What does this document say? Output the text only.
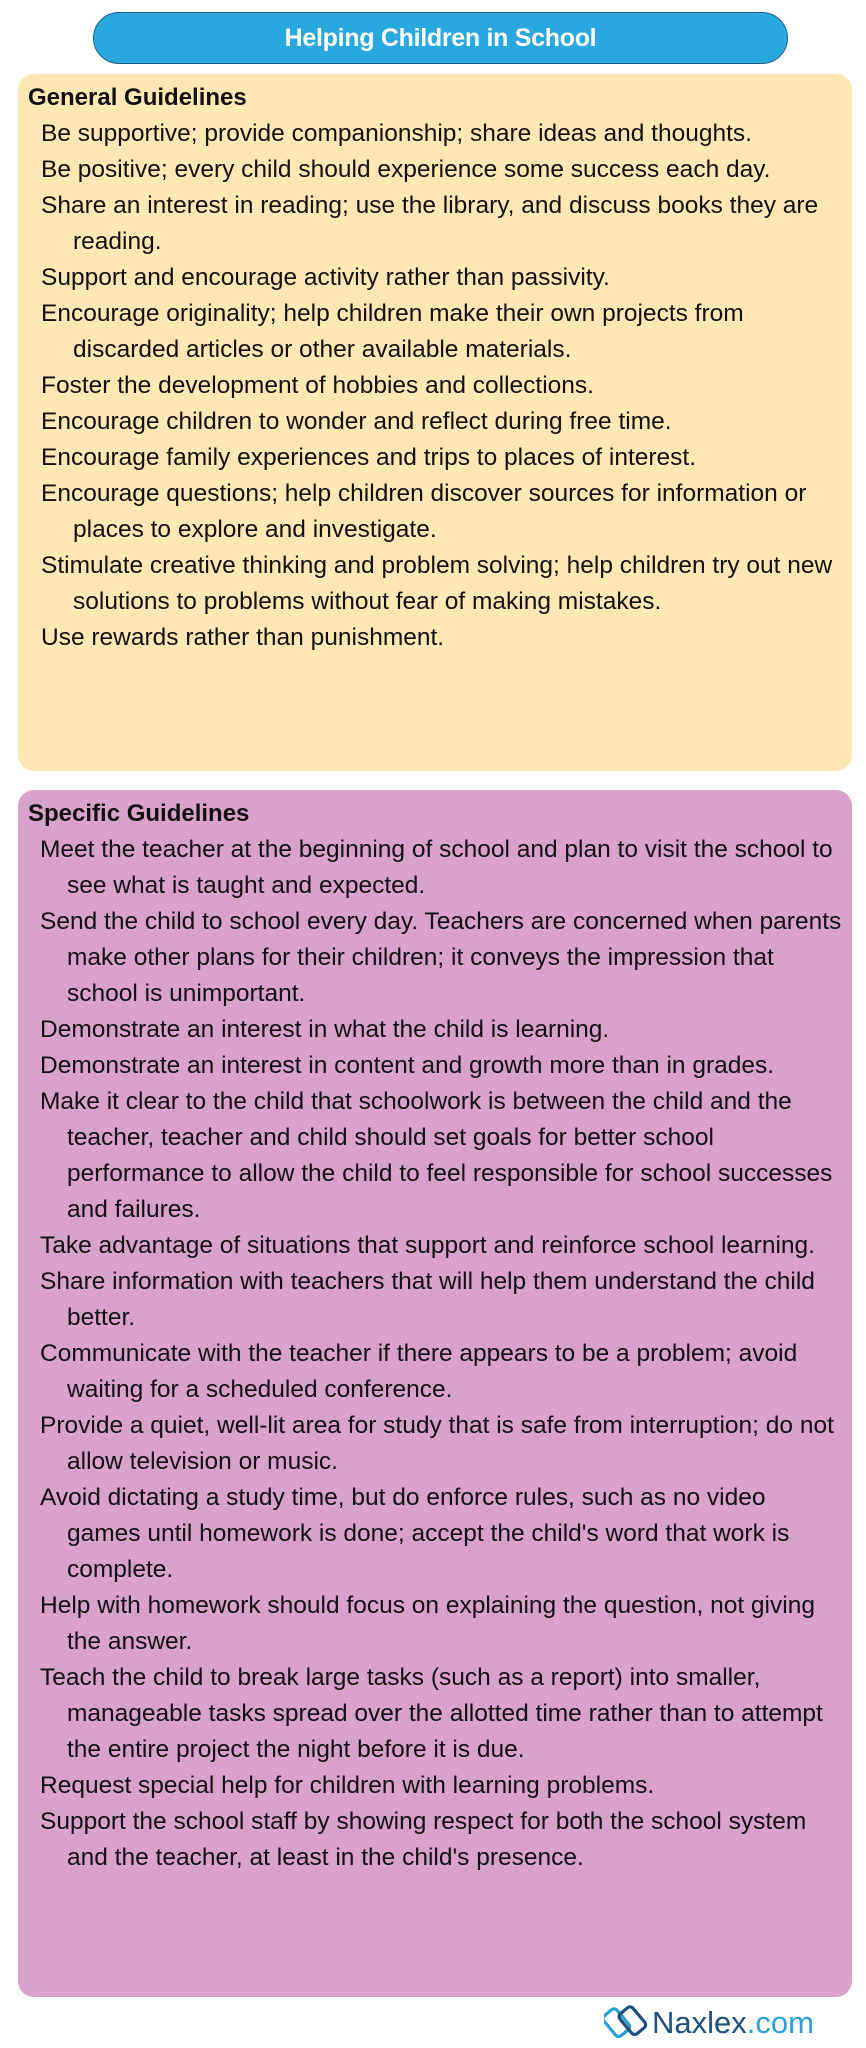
Helping Children in School
General Guidelines
Be supportive; provide companionship; share ideas and thoughts.
Be positive; every child should experience some success each day.
Share an interest in reading; use the library, and discuss books they are reading.
Support and encourage activity rather than passivity.
Encourage originality; help children make their own projects from discarded articles or other available materials.
Foster the development of hobbies and collections.
Encourage children to wonder and reflect during free time.
Encourage family experiences and trips to places of interest.
Encourage questions; help children discover sources for information or places to explore and investigate.
Stimulate creative thinking and problem solving; help children try out new solutions to problems without fear of making mistakes.
Use rewards rather than punishment.
Specific Guidelines
Meet the teacher at the beginning of school and plan to visit the school to see what is taught and expected.
Send the child to school every day. Teachers are concerned when parents make other plans for their children; it conveys the impression that school is unimportant.
Demonstrate an interest in what the child is learning.
Demonstrate an interest in content and growth more than in grades.
Make it clear to the child that schoolwork is between the child and the teacher, teacher and child should set goals for better school performance to allow the child to feel responsible for school successes and failures.
Take advantage of situations that support and reinforce school learning.
Share information with teachers that will help them understand the child better.
Communicate with the teacher if there appears to be a problem; avoid waiting for a scheduled conference.
Provide a quiet, well-lit area for study that is safe from interruption; do not allow television or music.
Avoid dictating a study time, but do enforce rules, such as no video games until homework is done; accept the child's word that work is complete.
Help with homework should focus on explaining the question, not giving the answer.
Teach the child to break large tasks (such as a report) into smaller, manageable tasks spread over the allotted time rather than to attempt the entire project the night before it is due.
Request special help for children with learning problems.
Support the school staff by showing respect for both the school system and the teacher, at least in the child's presence.
Naxlex.com
